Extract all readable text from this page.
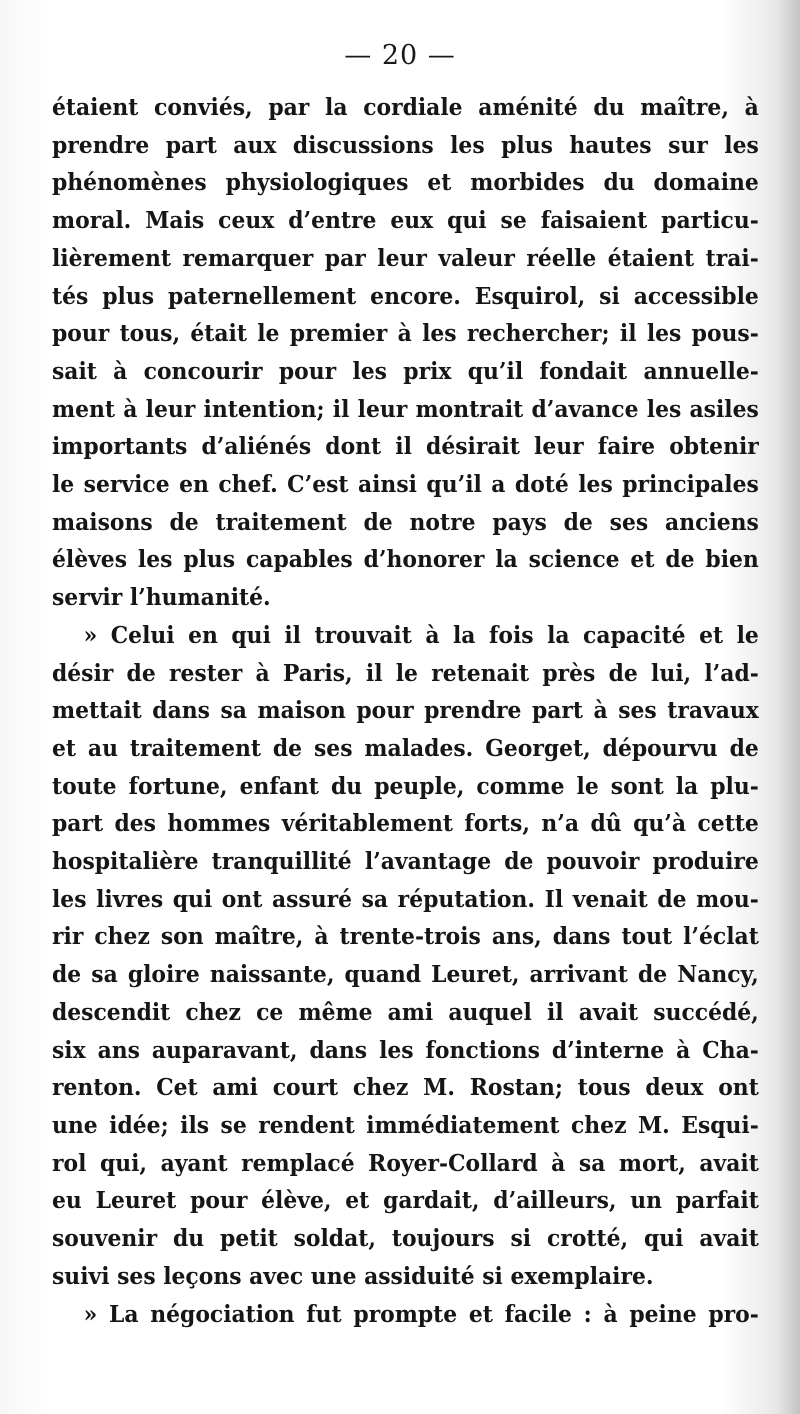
— 20 —
étaient conviés, par la cordiale aménité du maître, à
prendre part aux discussions les plus hautes sur les
phénomènes physiologiques et morbides du domaine
moral. Mais ceux d’entre eux qui se faisaient particu-
lièrement remarquer par leur valeur réelle étaient trai-
tés plus paternellement encore. Esquirol, si accessible
pour tous, était le premier à les rechercher; il les pous-
sait à concourir pour les prix qu’il fondait annuelle-
ment à leur intention; il leur montrait d’avance les asiles
importants d’aliénés dont il désirait leur faire obtenir
le service en chef. C’est ainsi qu’il a doté les principales
maisons de traitement de notre pays de ses anciens
élèves les plus capables d’honorer la science et de bien
servir l’humanité.
» Celui en qui il trouvait à la fois la capacité et le
désir de rester à Paris, il le retenait près de lui, l’ad-
mettait dans sa maison pour prendre part à ses travaux
et au traitement de ses malades. Georget, dépourvu de
toute fortune, enfant du peuple, comme le sont la plu-
part des hommes véritablement forts, n’a dû qu’à cette
hospitalière tranquillité l’avantage de pouvoir produire
les livres qui ont assuré sa réputation. Il venait de mou-
rir chez son maître, à trente-trois ans, dans tout l’éclat
de sa gloire naissante, quand Leuret, arrivant de Nancy,
descendit chez ce même ami auquel il avait succédé,
six ans auparavant, dans les fonctions d’interne à Cha-
renton. Cet ami court chez M. Rostan; tous deux ont
une idée; ils se rendent immédiatement chez M. Esqui-
rol qui, ayant remplacé Royer-Collard à sa mort, avait
eu Leuret pour élève, et gardait, d’ailleurs, un parfait
souvenir du petit soldat, toujours si crotté, qui avait
suivi ses leçons avec une assiduité si exemplaire.
» La négociation fut prompte et facile : à peine pro-
